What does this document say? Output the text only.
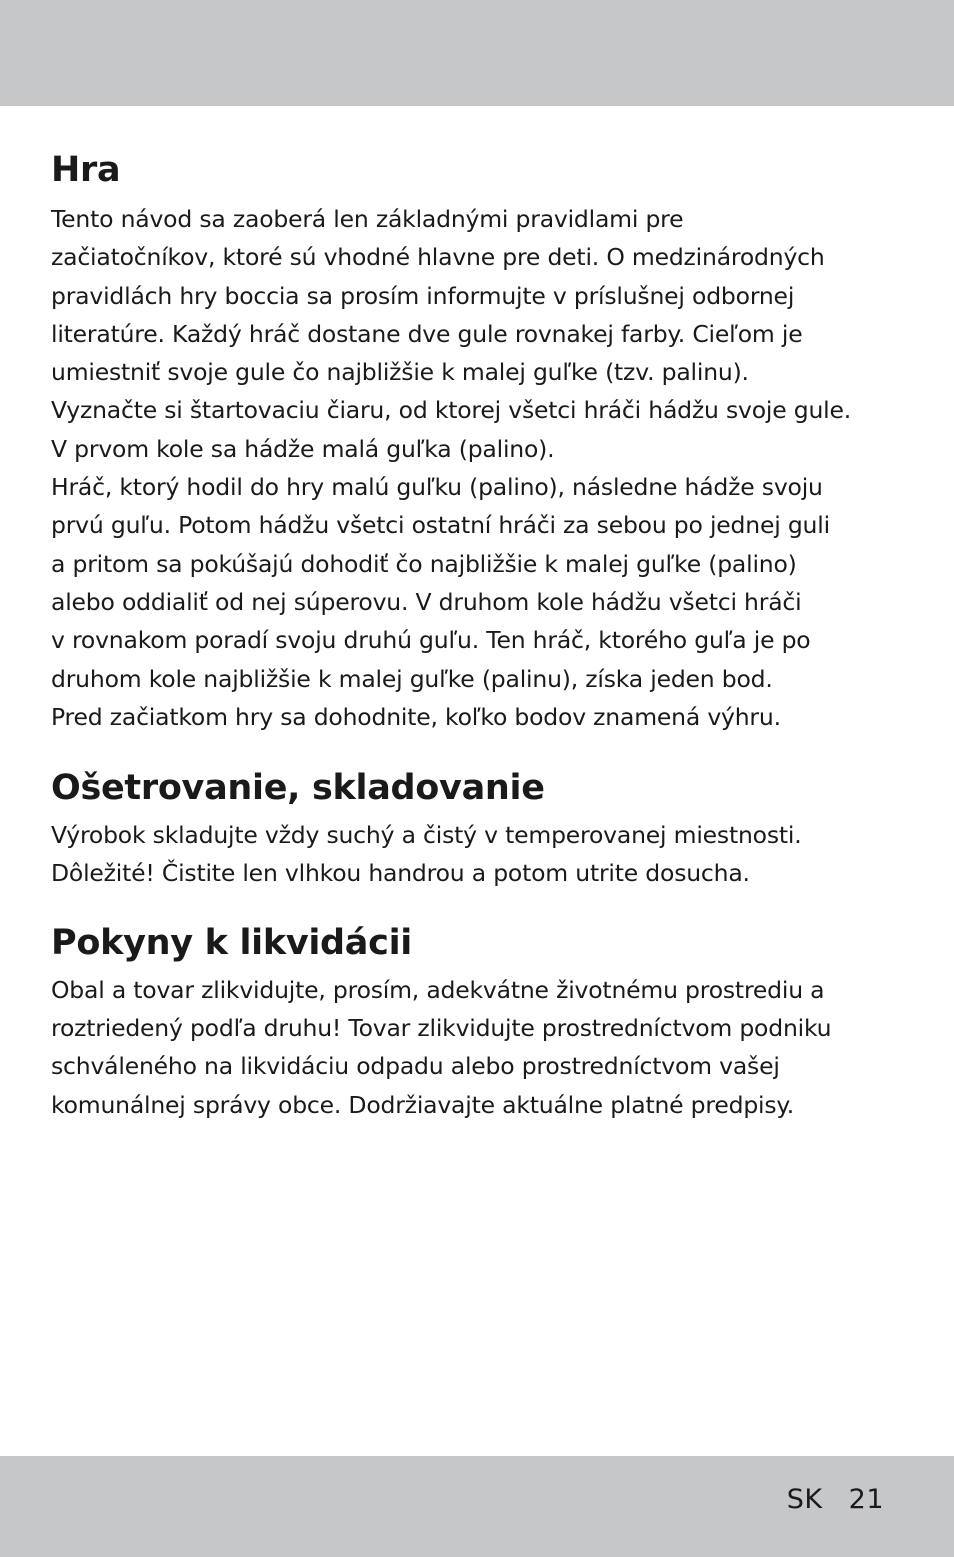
Hra
Tento návod sa zaoberá len základnými pravidlami pre
začiatočníkov, ktoré sú vhodné hlavne pre deti. O medzinárodných
pravidlách hry boccia sa prosím informujte v príslušnej odbornej
literatúre. Každý hráč dostane dve gule rovnakej farby. Cieľom je
umiestniť svoje gule čo najbližšie k malej guľke (tzv. palinu).
Vyznačte si štartovaciu čiaru, od ktorej všetci hráči hádžu svoje gule.
V prvom kole sa hádže malá guľka (palino).
Hráč, ktorý hodil do hry malú guľku (palino), následne hádže svoju
prvú guľu. Potom hádžu všetci ostatní hráči za sebou po jednej guli
a pritom sa pokúšajú dohodiť čo najbližšie k malej guľke (palino)
alebo oddialiť od nej súperovu. V druhom kole hádžu všetci hráči
v rovnakom poradí svoju druhú guľu. Ten hráč, ktorého guľa je po
druhom kole najbližšie k malej guľke (palinu), získa jeden bod.
Pred začiatkom hry sa dohodnite, koľko bodov znamená výhru.
Ošetrovanie, skladovanie
Výrobok skladujte vždy suchý a čistý v temperovanej miestnosti.
Dôležité! Čistite len vlhkou handrou a potom utrite dosucha.
Pokyny k likvidácii
Obal a tovar zlikvidujte, prosím, adekvátne životnému prostrediu a
roztriedený podľa druhu! Tovar zlikvidujte prostredníctvom podniku
schváleného na likvidáciu odpadu alebo prostredníctvom vašej
komunálnej správy obce. Dodržiavajte aktuálne platné predpisy.
SK 21
